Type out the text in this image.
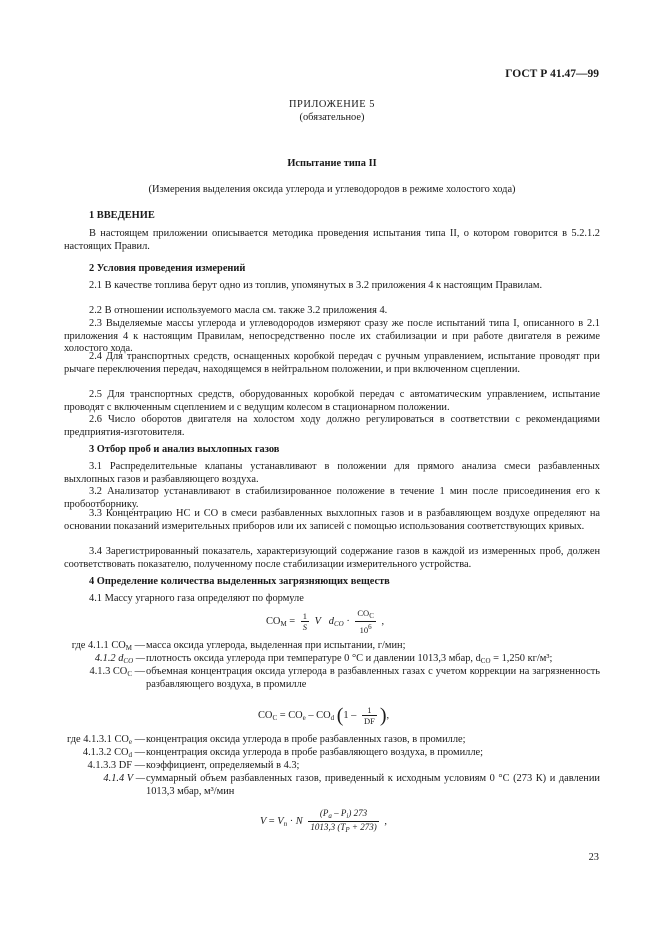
ГОСТ Р 41.47—99
ПРИЛОЖЕНИЕ 5
(обязательное)
Испытание типа II
(Измерения выделения оксида углерода и углеводородов в режиме холостого хода)
1 ВВЕДЕНИЕ
В настоящем приложении описывается методика проведения испытания типа II, о котором говорится в 5.2.1.2 настоящих Правил.
2 Условия проведения измерений
2.1 В качестве топлива берут одно из топлив, упомянутых в 3.2 приложения 4 к настоящим Правилам.
2.2 В отношении используемого масла см. также 3.2 приложения 4.
2.3 Выделяемые массы углерода и углеводородов измеряют сразу же после испытаний типа I, описанного в 2.1 приложения 4 к настоящим Правилам, непосредственно после их стабилизации и при работе двигателя в режиме холостого хода.
2.4 Для транспортных средств, оснащенных коробкой передач с ручным управлением, испытание проводят при рычаге переключения передач, находящемся в нейтральном положении, и при включенном сцеплении.
2.5 Для транспортных средств, оборудованных коробкой передач с автоматическим управлением, испытание проводят с включенным сцеплением и с ведущим колесом в стационарном положении.
2.6 Число оборотов двигателя на холостом ходу должно регулироваться в соответствии с рекомендациями предприятия-изготовителя.
3 Отбор проб и анализ выхлопных газов
3.1 Распределительные клапаны устанавливают в положении для прямого анализа смеси разбавленных выхлопных газов и разбавляющего воздуха.
3.2 Анализатор устанавливают в стабилизированное положение в течение 1 мин после присоединения его к пробоотборнику.
3.3 Концентрацию НС и СО в смеси разбавленных выхлопных газов и в разбавляющем воздухе определяют на основании показаний измерительных приборов или их записей с помощью использования соответствующих кривых.
3.4 Зарегистрированный показатель, характеризующий содержание газов в каждой из измеренных проб, должен соответствовать показателю, полученному после стабилизации измерительного устройства.
4 Определение количества выделенных загрязняющих веществ
4.1 Массу угарного газа определяют по формуле
$CO_M = \frac{1}{S}$ V $d_{CO} \cdot \frac{CO_C}{10^6}$ ,
где 4.1.1 $CO_M$ — масса оксида углерода, выделенная при испытании, г/мин;
4.1.2 $d_{CO}$ — плотность оксида углерода при температуре 0 °С и давлении 1013,3 мбар, $d_{CO} = 1,250$ кг/м³;
4.1.3 $CO_C$ — объемная концентрация оксида углерода в разбавленных газах с учетом коррекции на загрязненность разбавляющего воздуха, в промилле
$CO_C = CO_e - CO_d$ ($1 - \frac{1}{DF}$ ),
где 4.1.3.1 $CO_e$ — концентрация оксида углерода в пробе разбавленных газов, в промилле;
4.1.3.2 $CO_d$ — концентрация оксида углерода в пробе разбавляющего воздуха, в промилле;
4.1.3.3 DF — коэффициент, определяемый в 4.3;
4.1.4 V — суммарный объем разбавленных газов, приведенный к исходным условиям 0 °С (273 К) и давлении 1013,3 мбар, м³/мин
$V = V_n \cdot N \frac{(P_a - P_i) 273}{1013,3 (T_P + 273)}$ ,
23
